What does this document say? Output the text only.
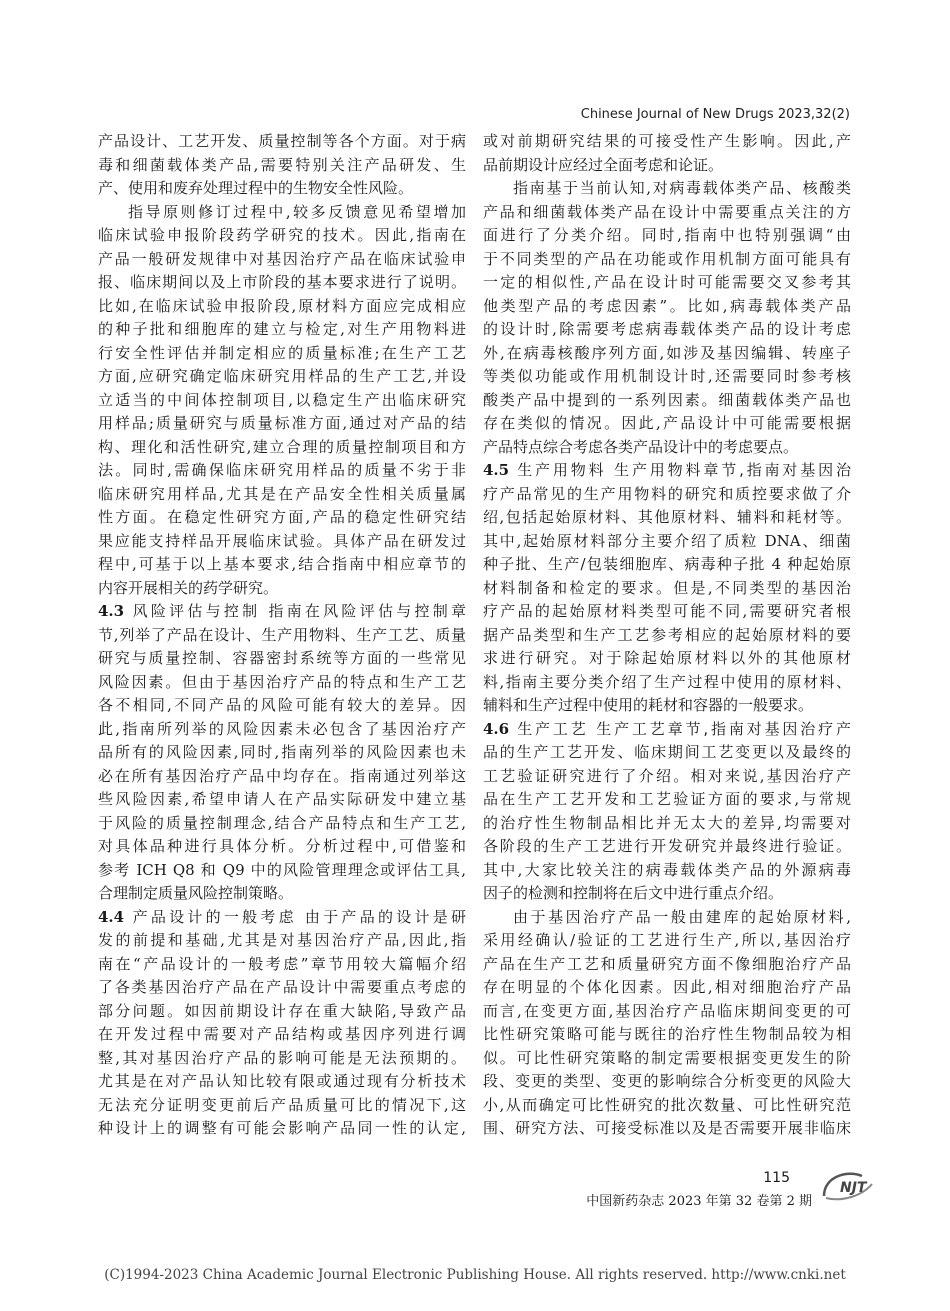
Chinese Journal of New Drugs 2023,32(2)
产品设计、工艺开发、质量控制等各个方面。对于病
毒和细菌载体类产品,需要特别关注产品研发、生
产、使用和废弃处理过程中的生物安全性风险。
指导原则修订过程中,较多反馈意见希望增加
临床试验申报阶段药学研究的技术。因此,指南在
产品一般研发规律中对基因治疗产品在临床试验申
报、临床期间以及上市阶段的基本要求进行了说明。
比如,在临床试验申报阶段,原材料方面应完成相应
的种子批和细胞库的建立与检定,对生产用物料进
行安全性评估并制定相应的质量标准;在生产工艺
方面,应研究确定临床研究用样品的生产工艺,并设
立适当的中间体控制项目,以稳定生产出临床研究
用样品;质量研究与质量标准方面,通过对产品的结
构、理化和活性研究,建立合理的质量控制项目和方
法。同时,需确保临床研究用样品的质量不劣于非
临床研究用样品,尤其是在产品安全性相关质量属
性方面。在稳定性研究方面,产品的稳定性研究结
果应能支持样品开展临床试验。具体产品在研发过
程中,可基于以上基本要求,结合指南中相应章节的
内容开展相关的药学研究。
4.3 风险评估与控制 指南在风险评估与控制章
节,列举了产品在设计、生产用物料、生产工艺、质量
研究与质量控制、容器密封系统等方面的一些常见
风险因素。但由于基因治疗产品的特点和生产工艺
各不相同,不同产品的风险可能有较大的差异。因
此,指南所列举的风险因素未必包含了基因治疗产
品所有的风险因素,同时,指南列举的风险因素也未
必在所有基因治疗产品中均存在。指南通过列举这
些风险因素,希望申请人在产品实际研发中建立基
于风险的质量控制理念,结合产品特点和生产工艺,
对具体品种进行具体分析。分析过程中,可借鉴和
参考 ICH Q8 和 Q9 中的风险管理理念或评估工具,
合理制定质量风险控制策略。
4.4 产品设计的一般考虑 由于产品的设计是研
发的前提和基础,尤其是对基因治疗产品,因此,指
南在“产品设计的一般考虑”章节用较大篇幅介绍
了各类基因治疗产品在产品设计中需要重点考虑的
部分问题。如因前期设计存在重大缺陷,导致产品
在开发过程中需要对产品结构或基因序列进行调
整,其对基因治疗产品的影响可能是无法预期的。
尤其是在对产品认知比较有限或通过现有分析技术
无法充分证明变更前后产品质量可比的情况下,这
种设计上的调整有可能会影响产品同一性的认定,
或对前期研究结果的可接受性产生影响。因此,产
品前期设计应经过全面考虑和论证。
指南基于当前认知,对病毒载体类产品、核酸类
产品和细菌载体类产品在设计中需要重点关注的方
面进行了分类介绍。同时,指南中也特别强调“由
于不同类型的产品在功能或作用机制方面可能具有
一定的相似性,产品在设计时可能需要交叉参考其
他类型产品的考虑因素”。比如,病毒载体类产品
的设计时,除需要考虑病毒载体类产品的设计考虑
外,在病毒核酸序列方面,如涉及基因编辑、转座子
等类似功能或作用机制设计时,还需要同时参考核
酸类产品中提到的一系列因素。细菌载体类产品也
存在类似的情况。因此,产品设计中可能需要根据
产品特点综合考虑各类产品设计中的考虑要点。
4.5 生产用物料 生产用物料章节,指南对基因治
疗产品常见的生产用物料的研究和质控要求做了介
绍,包括起始原材料、其他原材料、辅料和耗材等。
其中,起始原材料部分主要介绍了质粒 DNA、细菌
种子批、生产/包装细胞库、病毒种子批 4 种起始原
材料制备和检定的要求。但是,不同类型的基因治
疗产品的起始原材料类型可能不同,需要研究者根
据产品类型和生产工艺参考相应的起始原材料的要
求进行研究。对于除起始原材料以外的其他原材
料,指南主要分类介绍了生产过程中使用的原材料、
辅料和生产过程中使用的耗材和容器的一般要求。
4.6 生产工艺 生产工艺章节,指南对基因治疗产
品的生产工艺开发、临床期间工艺变更以及最终的
工艺验证研究进行了介绍。相对来说,基因治疗产
品在生产工艺开发和工艺验证方面的要求,与常规
的治疗性生物制品相比并无太大的差异,均需要对
各阶段的生产工艺进行开发研究并最终进行验证。
其中,大家比较关注的病毒载体类产品的外源病毒
因子的检测和控制将在后文中进行重点介绍。
由于基因治疗产品一般由建库的起始原材料,
采用经确认/验证的工艺进行生产,所以,基因治疗
产品在生产工艺和质量研究方面不像细胞治疗产品
存在明显的个体化因素。因此,相对细胞治疗产品
而言,在变更方面,基因治疗产品临床期间变更的可
比性研究策略可能与既往的治疗性生物制品较为相
似。可比性研究策略的制定需要根据变更发生的阶
段、变更的类型、变更的影响综合分析变更的风险大
小,从而确定可比性研究的批次数量、可比性研究范
围、研究方法、可接受标准以及是否需要开展非临床
115
中国新药杂志 2023 年第 32 卷第 2 期
NJT
(C)1994-2023 China Academic Journal Electronic Publishing House. All rights reserved. http://www.cnki.net
